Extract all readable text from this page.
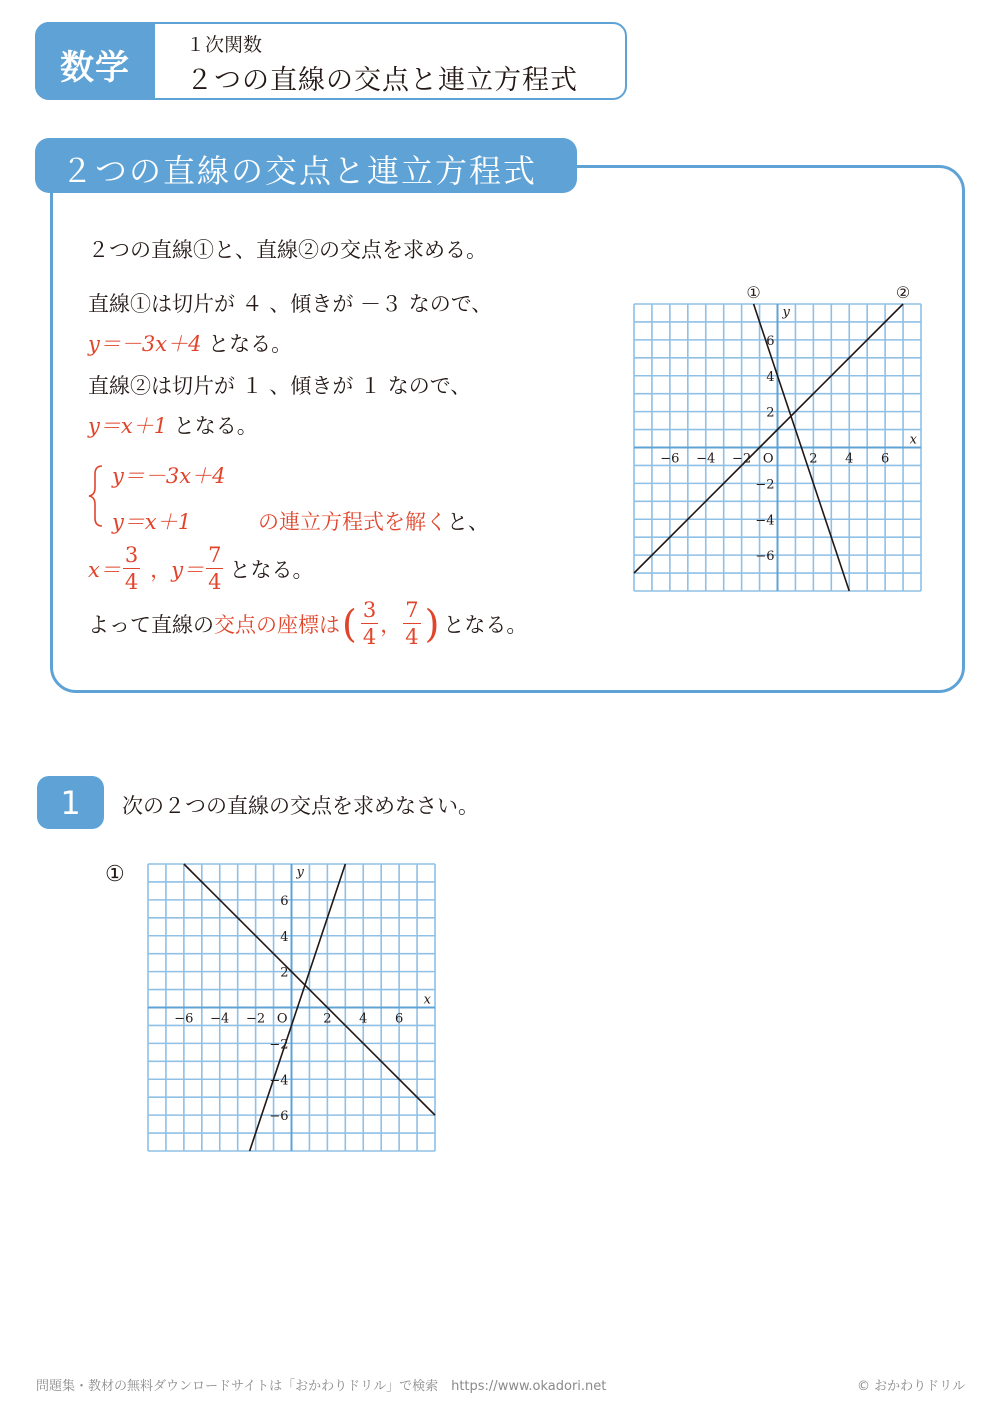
数学
１次関数
２つの直線の交点と連立方程式
２つの直線の交点と連立方程式
２つの直線①と、直線②の交点を求める。
直線①は切片が ４ 、傾きが －３ なので、
y＝－3x＋4 となる。
直線②は切片が １ 、傾きが １ なので、
y＝x＋1 となる。
y＝－3x＋4
y＝x＋1	の連立方程式を解くと、
$x= \frac{3}{4}$ ， $y= \frac{7}{4}$ となる。
よって直線の 交点の座標は ( $\frac{3}{4}$ ， $\frac{7}{4}$ ) となる。
−6 −4 −2	2 4 6
6
4
2
−2
−4
−6
O
x
y
①	②
1	次の２つの直線の交点を求めなさい。
①
−6 −4 −2	2 4 6
6
4
2
−2
−4
−6
O
x
y
問題集・教材の無料ダウンロードサイトは「おかわりドリル」で検索　https://www.okadori.net	© おかわりドリル
